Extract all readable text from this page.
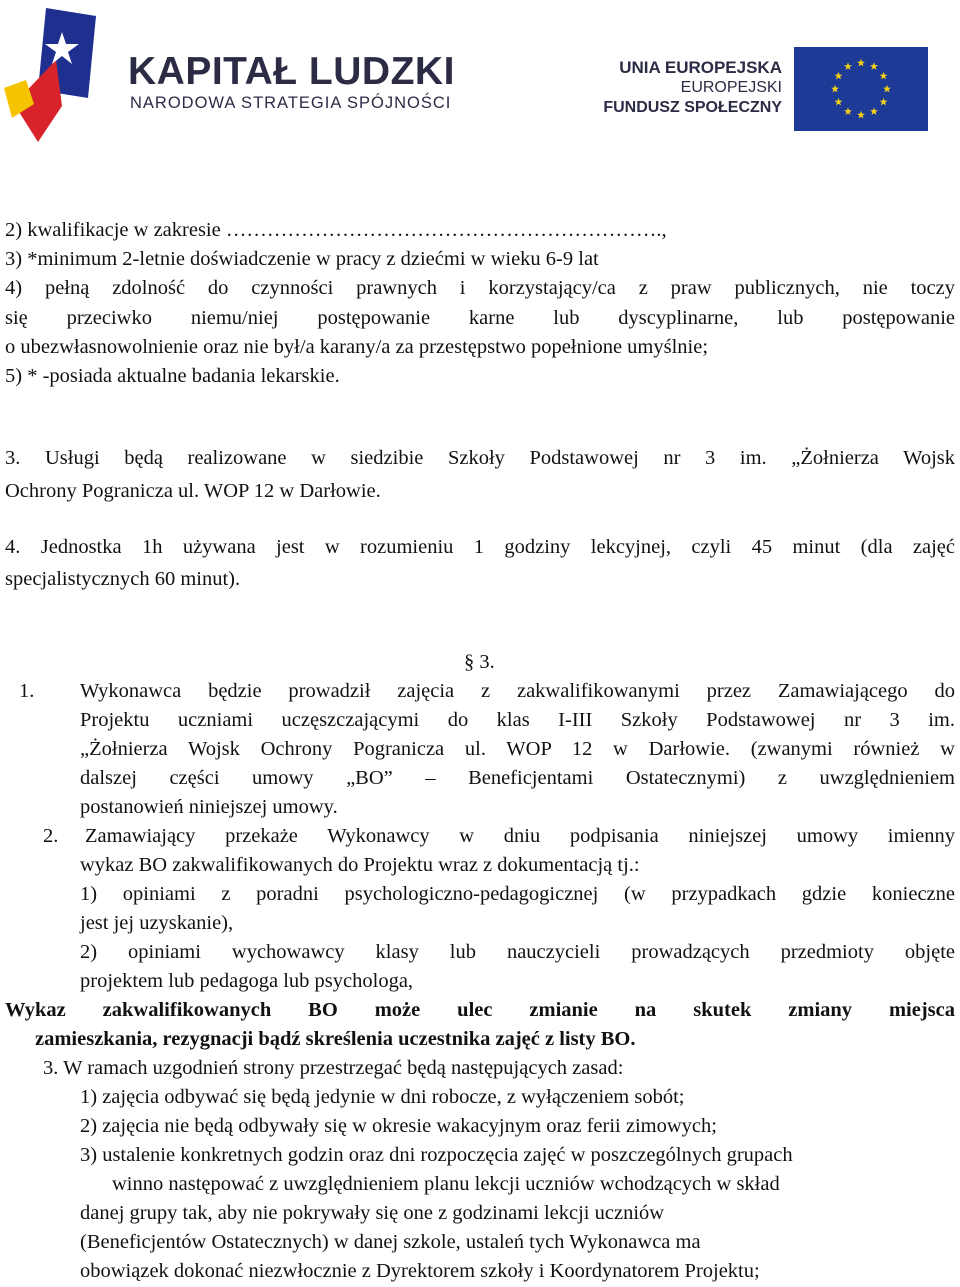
KAPITAŁ LUDZKI
NARODOWA STRATEGIA SPÓJNOŚCI
UNIA EUROPEJSKA
EUROPEJSKI
FUNDUSZ SPOŁECZNY
2) kwalifikacje w zakresie ……………………………………………………….,
3) *minimum 2-letnie doświadczenie w pracy z dziećmi w wieku 6-9 lat
4) pełną zdolność do czynności prawnych i korzystający/ca z praw publicznych, nie toczy
się przeciwko niemu/niej postępowanie karne lub dyscyplinarne, lub postępowanie
o ubezwłasnowolnienie oraz nie był/a karany/a za przestępstwo popełnione umyślnie;
5) * -posiada aktualne badania lekarskie.
3. Usługi będą realizowane w siedzibie Szkoły Podstawowej nr 3 im. „Żołnierza Wojsk
Ochrony Pogranicza ul. WOP 12 w Darłowie.
4. Jednostka 1h używana jest w rozumieniu 1 godziny lekcyjnej, czyli 45 minut (dla zajęć
specjalistycznych 60 minut).
§ 3.
1. Wykonawca będzie prowadził zajęcia z zakwalifikowanymi przez Zamawiającego do
Projektu uczniami uczęszczającymi do klas I-III Szkoły Podstawowej nr 3 im.
„Żołnierza Wojsk Ochrony Pogranicza ul. WOP 12 w Darłowie. (zwanymi również w
dalszej części umowy „BO” – Beneficjentami Ostatecznymi) z uwzględnieniem
postanowień niniejszej umowy.
2. Zamawiający przekaże Wykonawcy w dniu podpisania niniejszej umowy imienny
wykaz BO zakwalifikowanych do Projektu wraz z dokumentacją tj.:
1) opiniami z poradni psychologiczno-pedagogicznej (w przypadkach gdzie konieczne
jest jej uzyskanie),
2) opiniami wychowawcy klasy lub nauczycieli prowadzących przedmioty objęte
projektem lub pedagoga lub psychologa,
Wykaz zakwalifikowanych BO może ulec zmianie na skutek zmiany miejsca
zamieszkania, rezygnacji bądź skreślenia uczestnika zajęć z listy BO.
3. W ramach uzgodnień strony przestrzegać będą następujących zasad:
1) zajęcia odbywać się będą jedynie w dni robocze, z wyłączeniem sobót;
2) zajęcia nie będą odbywały się w okresie wakacyjnym oraz ferii zimowych;
3) ustalenie konkretnych godzin oraz dni rozpoczęcia zajęć w poszczególnych grupach
winno następować z uwzględnieniem planu lekcji uczniów wchodzących w skład
danej grupy tak, aby nie pokrywały się one z godzinami lekcji uczniów
(Beneficjentów Ostatecznych) w danej szkole, ustaleń tych Wykonawca ma
obowiązek dokonać niezwłocznie z Dyrektorem szkoły i Koordynatorem Projektu;
